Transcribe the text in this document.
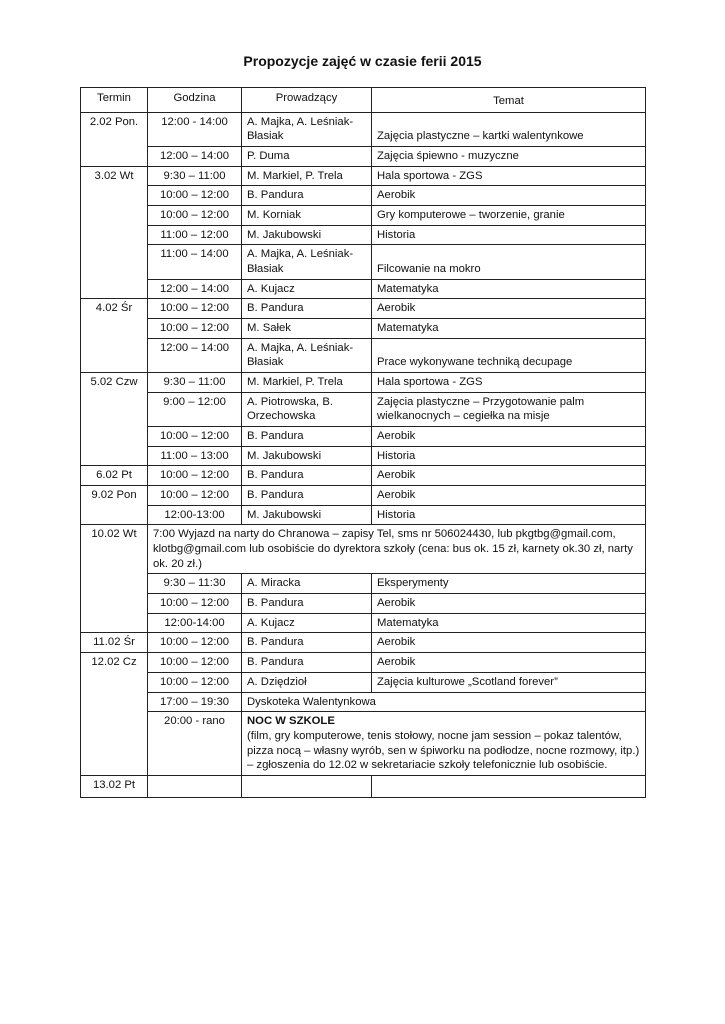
Propozycje zajęć w czasie ferii 2015
Termin	Godzina	Prowadzący	Temat
2.02 Pon.	12:00 - 14:00	A. Majka, A. Leśniak-Błasiak	Zajęcia plastyczne – kartki walentynkowe
	12:00 – 14:00	P. Duma	Zajęcia śpiewno - muzyczne
3.02 Wt	9:30 – 11:00	M. Markiel, P. Trela	Hala sportowa - ZGS
	10:00 – 12:00	B. Pandura	Aerobik
	10:00 – 12:00	M. Korniak	Gry komputerowe – tworzenie, granie
	11:00 – 12:00	M. Jakubowski	Historia
	11:00 – 14:00	A. Majka, A. Leśniak-Błasiak	Filcowanie na mokro
	12:00 – 14:00	A. Kujacz	Matematyka
4.02 Śr	10:00 – 12:00	B. Pandura	Aerobik
	10:00 – 12:00	M. Sałek	Matematyka
	12:00 – 14:00	A. Majka, A. Leśniak-Błasiak	Prace wykonywane techniką decupage
5.02 Czw	9:30 – 11:00	M. Markiel, P. Trela	Hala sportowa - ZGS
	9:00 – 12:00	A. Piotrowska, B. Orzechowska	Zajęcia plastyczne – Przygotowanie palm wielkanocnych – cegiełka na misje
	10:00 – 12:00	B. Pandura	Aerobik
	11:00 – 13:00	M. Jakubowski	Historia
6.02 Pt	10:00 – 12:00	B. Pandura	Aerobik
9.02 Pon	10:00 – 12:00	B. Pandura	Aerobik
	12:00-13:00	M. Jakubowski	Historia
10.02 Wt	7:00 Wyjazd na narty do Chranowa – zapisy Tel, sms nr 506024430, lub pkgtbg@gmail.com, klotbg@gmail.com lub osobiście do dyrektora szkoły (cena: bus ok. 15 zł, karnety ok.30 zł, narty ok. 20 zł.)		
	9:30 – 11:30	A. Miracka	Eksperymenty
	10:00 – 12:00	B. Pandura	Aerobik
	12:00-14:00	A. Kujacz	Matematyka
11.02 Śr	10:00 – 12:00	B. Pandura	Aerobik
12.02 Cz	10:00 – 12:00	B. Pandura	Aerobik
	10:00 – 12:00	A. Dziędzioł	Zajęcia kulturowe „Scotland forever”
	17:00 – 19:30	Dyskoteka Walentynkowa	
	20:00 - rano	NOC W SZKOLE
(film, gry komputerowe, tenis stołowy, nocne jam session – pokaz talentów, pizza nocą – własny wyrób, sen w śpiworku na podłodze, nocne rozmowy, itp.) – zgłoszenia do 12.02 w sekretariacie szkoły telefonicznie lub osobiście.	
13.02 Pt			
